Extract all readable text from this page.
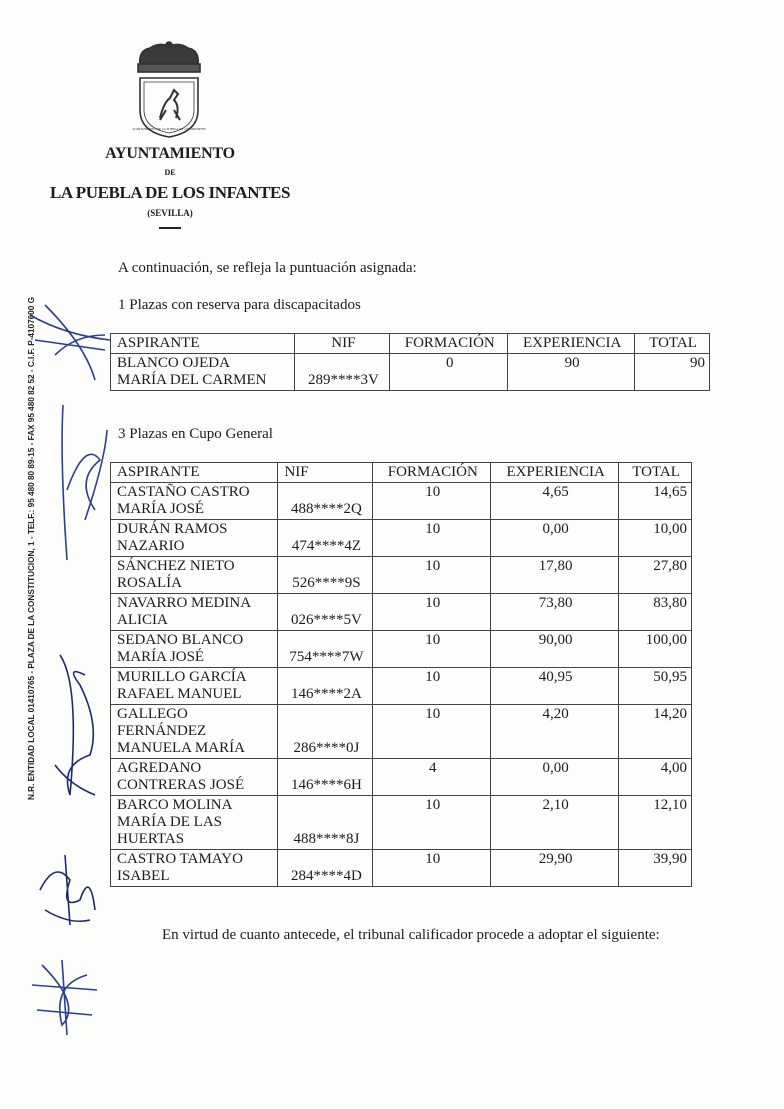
AYUNTAMIENTO DE LA PUEBLA DE LOS INFANTES
AYUNTAMIENTO
DE
LA PUEBLA DE LOS INFANTES
(SEVILLA)
A continuación, se refleja la puntuación asignada:
1 Plazas con reserva para discapacitados
ASPIRANTE	NIF	FORMACIÓN	EXPERIENCIA	TOTAL

BLANCO OJEDA
MARÍA DEL CARMEN	289****3V	0	90	90
3 Plazas en Cupo General
ASPIRANTE	NIF	FORMACIÓN	EXPERIENCIA	TOTAL

CASTAÑO CASTRO
MARÍA JOSÉ	488****2Q	10	4,65	14,65

DURÁN RAMOS
NAZARIO	474****4Z	10	0,00	10,00

SÁNCHEZ NIETO
ROSALÍA	526****9S	10	17,80	27,80

NAVARRO MEDINA
ALICIA	026****5V	10	73,80	83,80

SEDANO BLANCO
MARÍA JOSÉ	754****7W	10	90,00	100,00

MURILLO GARCÍA
RAFAEL MANUEL	146****2A	10	40,95	50,95

GALLEGO
FERNÁNDEZ
MANUELA MARÍA	286****0J	10	4,20	14,20

AGREDANO
CONTRERAS JOSÉ	146****6H	4	0,00	4,00

BARCO MOLINA
MARÍA DE LAS
HUERTAS	488****8J	10	2,10	12,10

CASTRO TAMAYO
ISABEL	284****4D	10	29,90	39,90
En virtud de cuanto antecede, el tribunal calificador procede a adoptar el siguiente:
N.R. ENTIDAD LOCAL 01410765 - PLAZA DE LA CONSTITUCION, 1 - TELF.: 95 480 80 89-15 - FAX 95 480 82 52 - C.I.F. P-4107600 G
